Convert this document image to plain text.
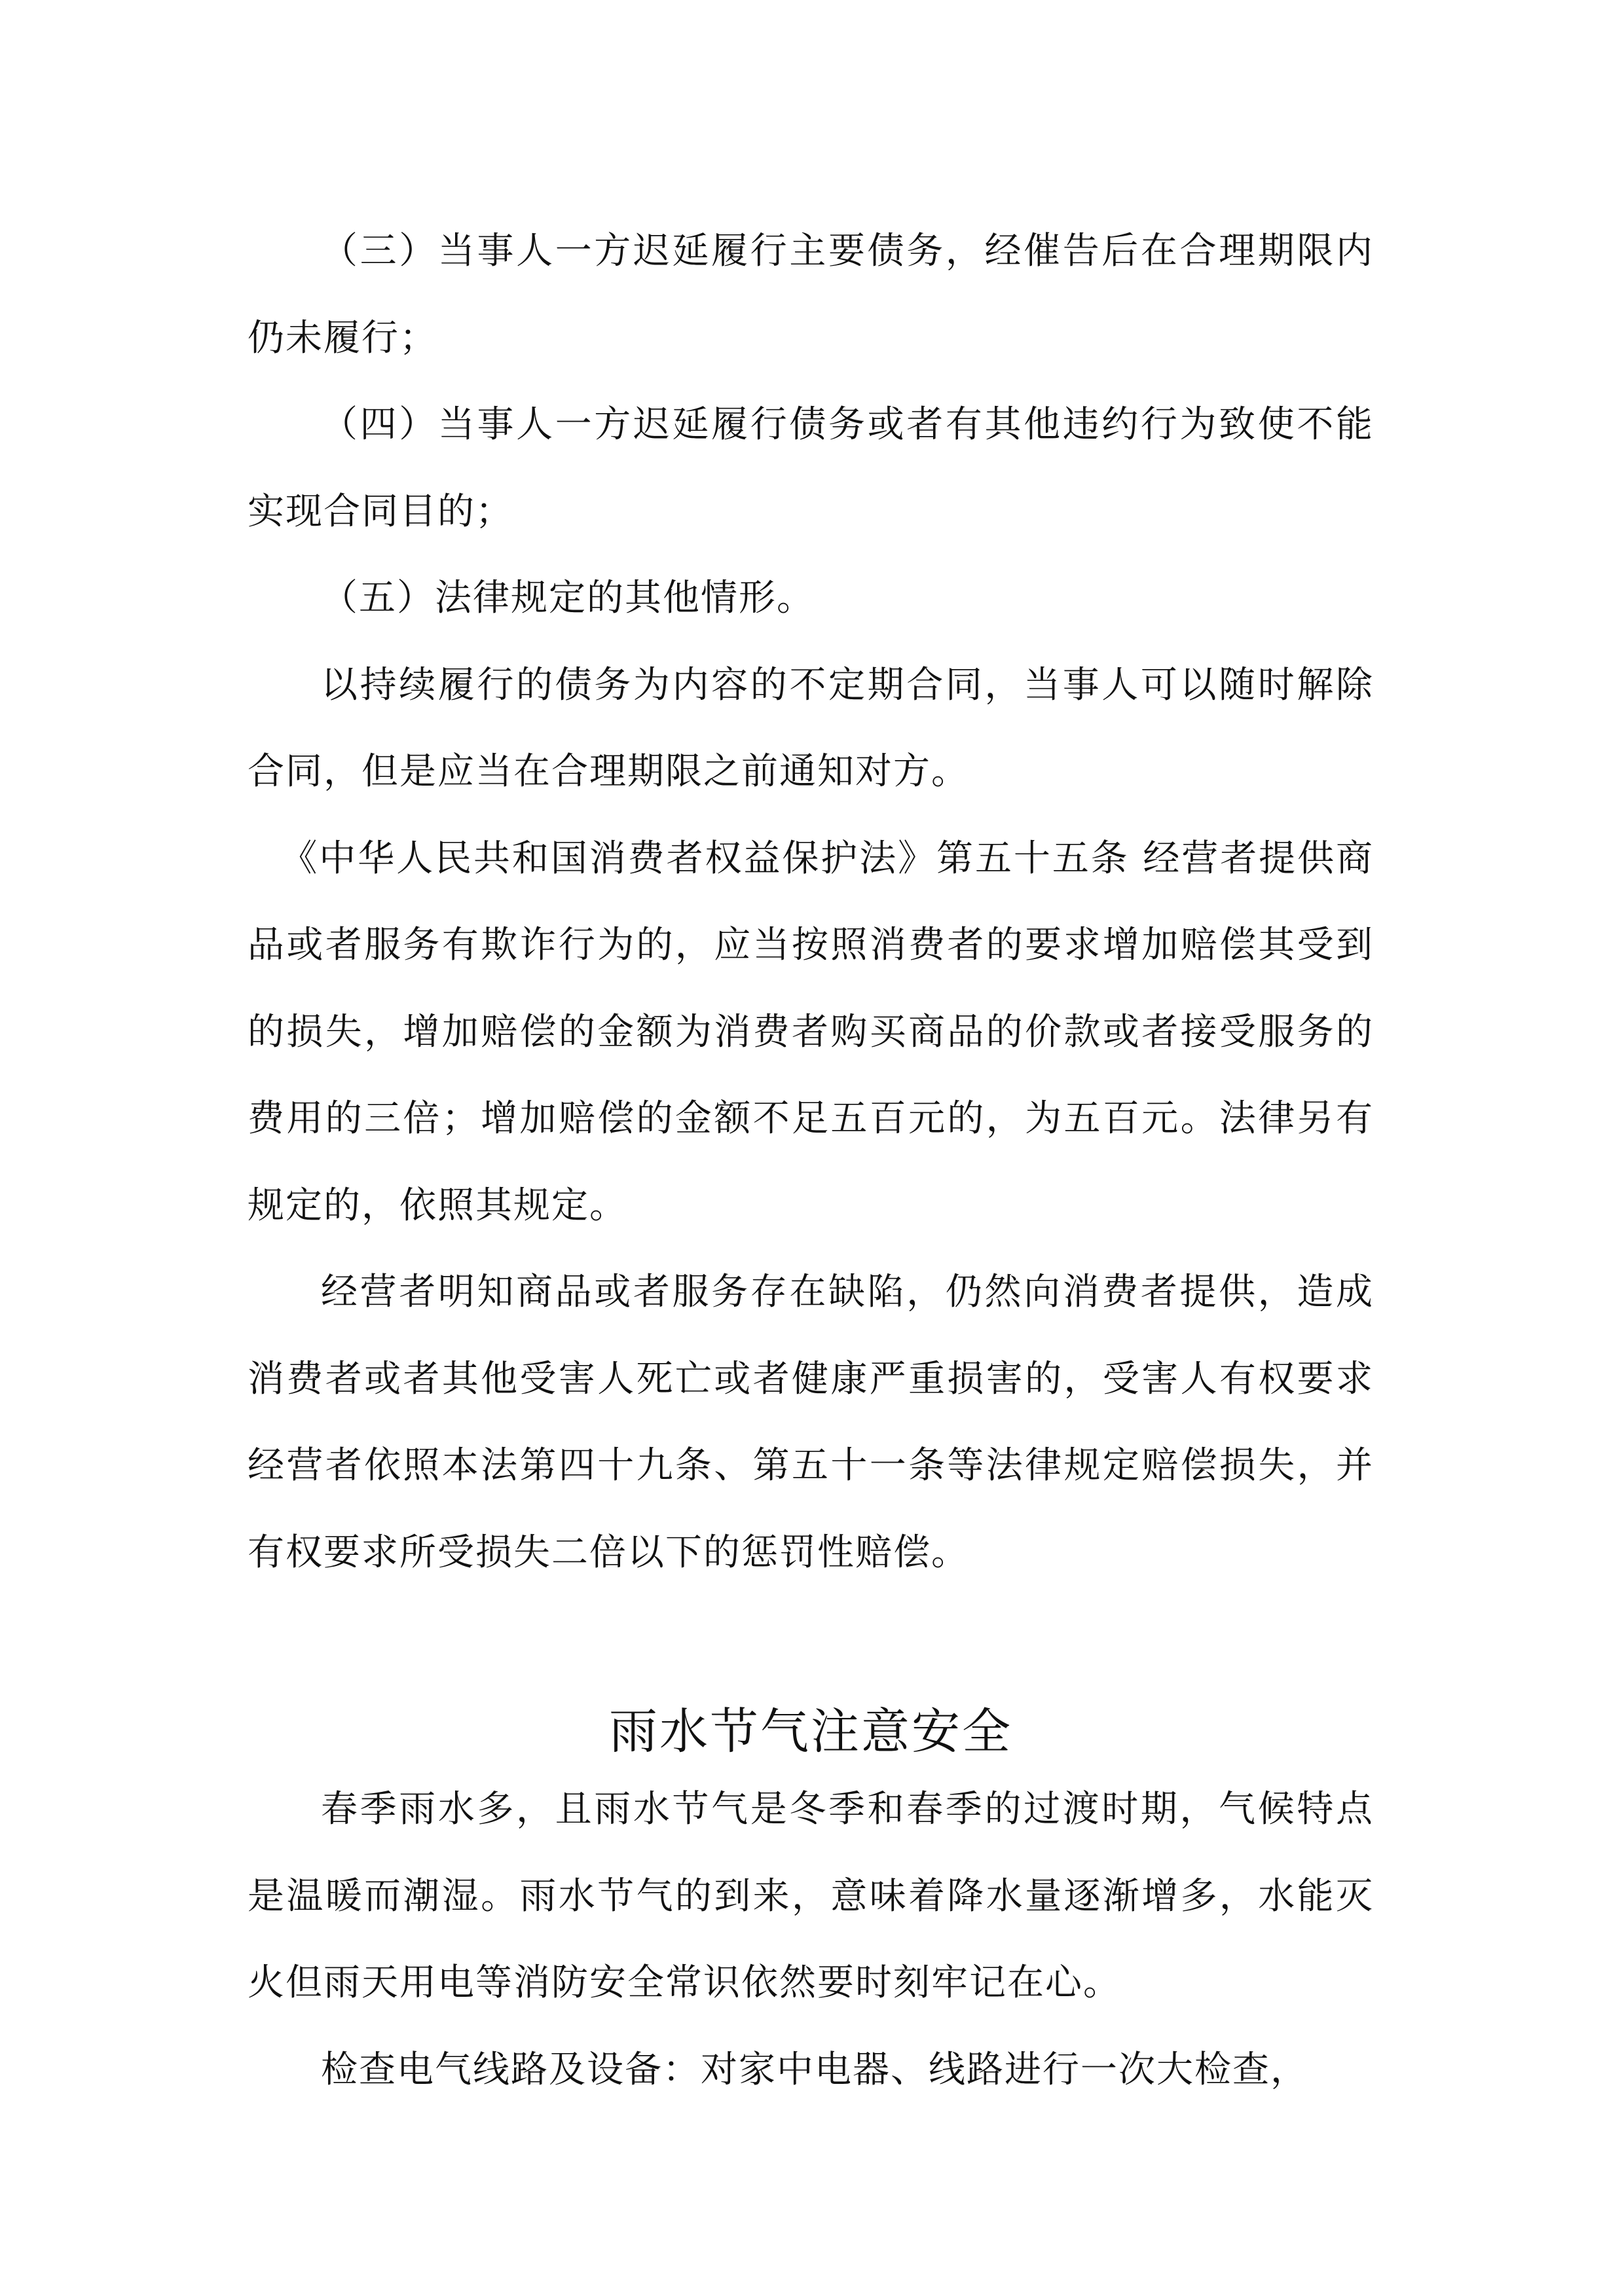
（三）当事人一方迟延履行主要债务，经催告后在合理期限内仍未履行；

（四）当事人一方迟延履行债务或者有其他违约行为致使不能实现合同目的；

（五）法律规定的其他情形。

以持续履行的债务为内容的不定期合同，当事人可以随时解除合同，但是应当在合理期限之前通知对方。

《中华人民共和国消费者权益保护法》第五十五条 经营者提供商品或者服务有欺诈行为的，应当按照消费者的要求增加赔偿其受到的损失，增加赔偿的金额为消费者购买商品的价款或者接受服务的费用的三倍；增加赔偿的金额不足五百元的，为五百元。法律另有规定的，依照其规定。

经营者明知商品或者服务存在缺陷，仍然向消费者提供，造成消费者或者其他受害人死亡或者健康严重损害的，受害人有权要求经营者依照本法第四十九条、第五十一条等法律规定赔偿损失，并有权要求所受损失二倍以下的惩罚性赔偿。

雨水节气注意安全

春季雨水多，且雨水节气是冬季和春季的过渡时期，气候特点是温暖而潮湿。雨水节气的到来，意味着降水量逐渐增多，水能灭火但雨天用电等消防安全常识依然要时刻牢记在心。

检查电气线路及设备：对家中电器、线路进行一次大检查，
